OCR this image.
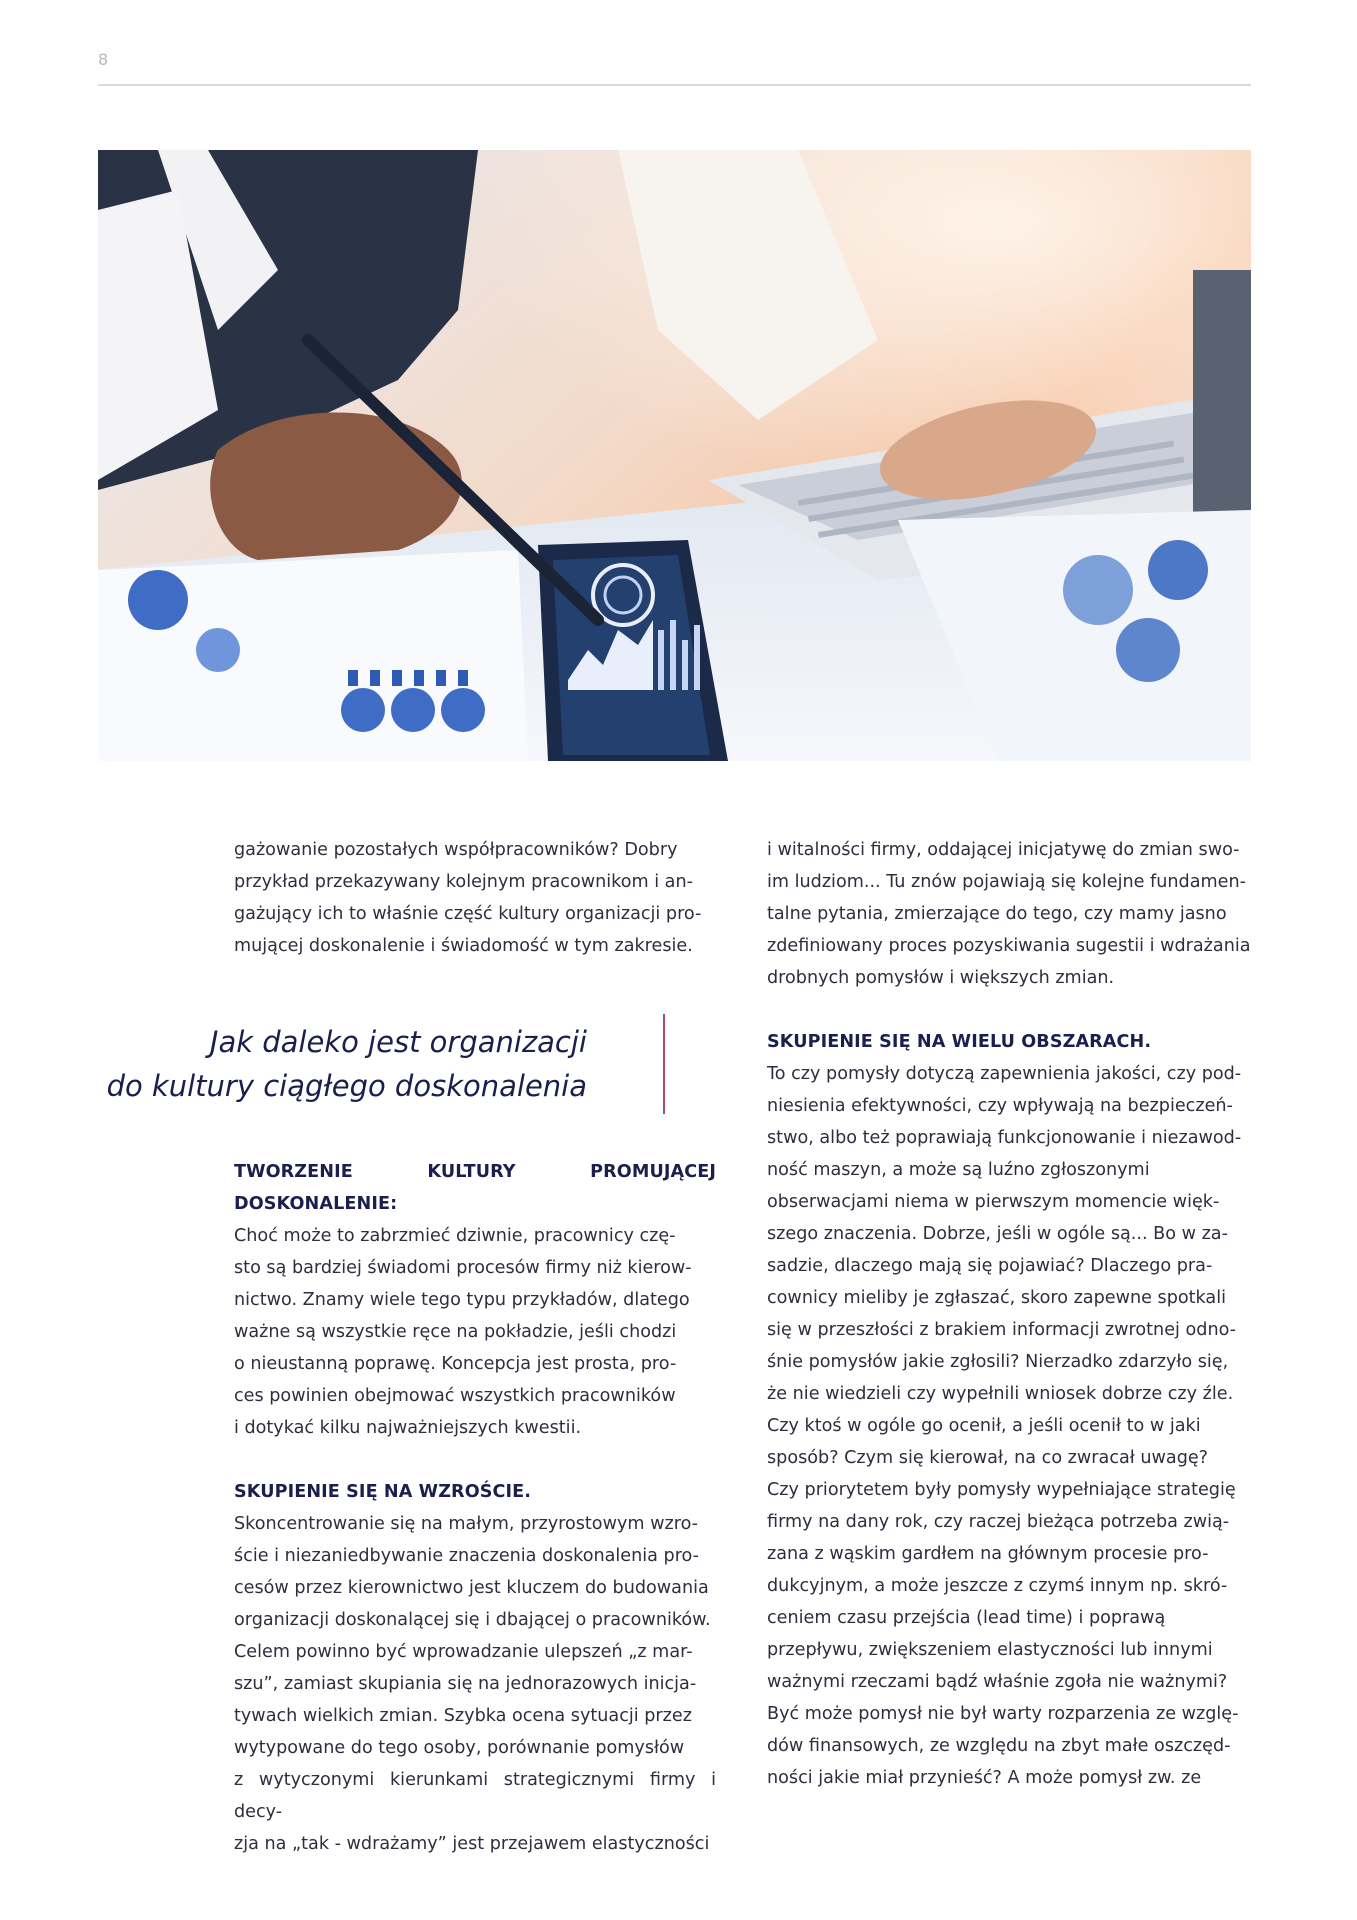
8

gażowanie pozostałych współpracowników? Dobry

przykład przekazywany kolejnym pracownikom i an-

gażujący ich to właśnie część kultury organizacji pro-

mującej doskonalenie i świadomość w tym zakresie.

Jak daleko jest organizacji
do kultury ciągłego doskonalenia

TWORZENIE KULTURY PROMUJĄCEJ DOSKONALENIE:

Choć może to zabrzmieć dziwnie, pracownicy czę-

sto są bardziej świadomi procesów firmy niż kierow-

nictwo. Znamy wiele tego typu przykładów, dlatego

ważne są wszystkie ręce na pokładzie, jeśli chodzi

o nieustanną poprawę. Koncepcja jest prosta, pro-

ces powinien obejmować wszystkich pracowników

i dotykać kilku najważniejszych kwestii.

SKUPIENIE SIĘ NA WZROŚCIE.

Skoncentrowanie się na małym, przyrostowym wzro-

ście i niezaniedbywanie znaczenia doskonalenia pro-

cesów przez kierownictwo jest kluczem do budowania

organizacji doskonalącej się i dbającej o pracowników.

Celem powinno być wprowadzanie ulepszeń „z mar-

szu”, zamiast skupiania się na jednorazowych inicja-

tywach wielkich zmian. Szybka ocena sytuacji przez

wytypowane do tego osoby, porównanie pomysłów

z wytyczonymi kierunkami strategicznymi firmy i decy-

zja na „tak - wdrażamy” jest przejawem elastyczności

i witalności firmy, oddającej inicjatywę do zmian swo-

im ludziom... Tu znów pojawiają się kolejne fundamen-

talne pytania, zmierzające do tego, czy mamy jasno

zdefiniowany proces pozyskiwania sugestii i wdrażania

drobnych pomysłów i większych zmian.

SKUPIENIE SIĘ NA WIELU OBSZARACH.

To czy pomysły dotyczą zapewnienia jakości, czy pod-

niesienia efektywności, czy wpływają na bezpieczeń-

stwo, albo też poprawiają funkcjonowanie i niezawod-

ność maszyn, a może są luźno zgłoszonymi

obserwacjami niema w pierwszym momencie więk-

szego znaczenia. Dobrze, jeśli w ogóle są... Bo w za-

sadzie, dlaczego mają się pojawiać? Dlaczego pra-

cownicy mieliby je zgłaszać, skoro zapewne spotkali

się w przeszłości z brakiem informacji zwrotnej odno-

śnie pomysłów jakie zgłosili? Nierzadko zdarzyło się,

że nie wiedzieli czy wypełnili wniosek dobrze czy źle.

Czy ktoś w ogóle go ocenił, a jeśli ocenił to w jaki

sposób? Czym się kierował, na co zwracał uwagę?

Czy priorytetem były pomysły wypełniające strategię

firmy na dany rok, czy raczej bieżąca potrzeba zwią-

zana z wąskim gardłem na głównym procesie pro-

dukcyjnym, a może jeszcze z czymś innym np. skró-

ceniem czasu przejścia (lead time) i poprawą

przepływu, zwiększeniem elastyczności lub innymi

ważnymi rzeczami bądź właśnie zgoła nie ważnymi?

Być może pomysł nie był warty rozparzenia ze wzglę-

dów finansowych, ze względu na zbyt małe oszczęd-

ności jakie miał przynieść? A może pomysł zw. ze
